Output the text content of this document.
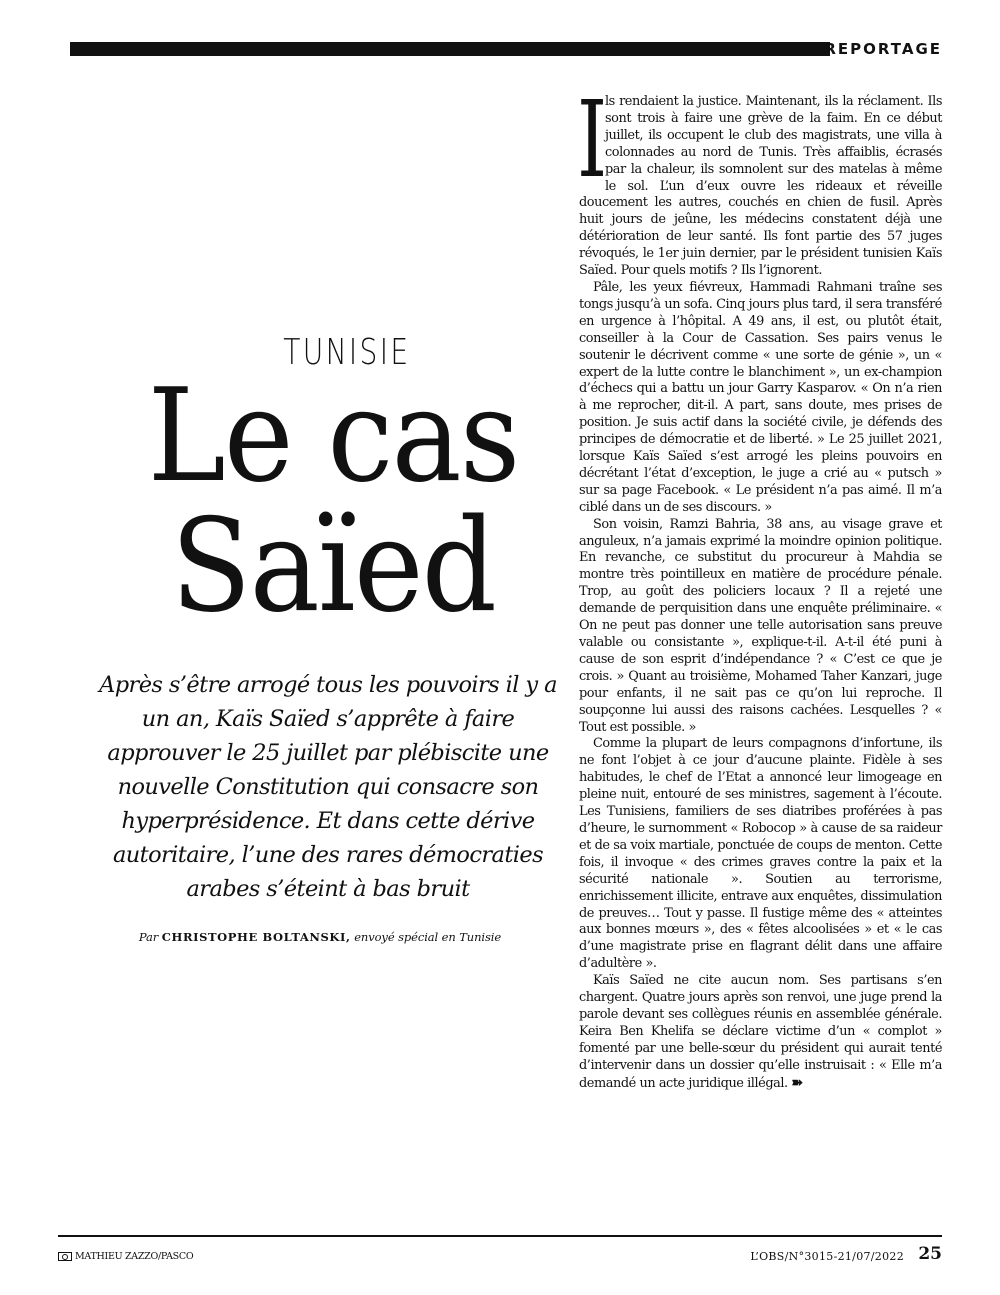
REPORTAGE
TUNISIE
Le cas
Saïed
Après s’être arrogé tous les pouvoirs il y a un an, Kaïs Saïed s’apprête à faire approuver le 25 juillet par plébiscite une nouvelle Constitution qui consacre son hyperprésidence. Et dans cette dérive autoritaire, l’une des rares démocraties arabes s’éteint à bas bruit
Par CHRISTOPHE BOLTANSKI, envoyé spécial en Tunisie

I
ls rendaient la justice. Maintenant, ils la réclament. Ils sont trois à faire une grève de la faim. En ce début juillet, ils occupent le club des magistrats, une villa à colonnades au nord de Tunis. Très affaiblis, écrasés par la chaleur, ils somnolent sur des matelas à même le sol. L’un d’eux ouvre les rideaux et réveille doucement les autres, couchés en chien de fusil. Après huit jours de jeûne, les médecins constatent déjà une détérioration de leur santé. Ils font partie des 57 juges révoqués, le 1er juin dernier, par le président tunisien Kaïs Saïed. Pour quels motifs ? Ils l’ignorent.

Pâle, les yeux fiévreux, Hammadi Rahmani traîne ses tongs jusqu’à un sofa. Cinq jours plus tard, il sera transféré en urgence à l’hôpital. A 49 ans, il est, ou plutôt était, conseiller à la Cour de Cassation. Ses pairs venus le soutenir le décrivent comme « une sorte de génie », un « expert de la lutte contre le blanchiment », un ex-champion d’échecs qui a battu un jour Garry Kasparov. « On n’a rien à me reprocher, dit-il. A part, sans doute, mes prises de position. Je suis actif dans la société civile, je défends des principes de démocratie et de liberté. » Le 25 juillet 2021, lorsque Kaïs Saïed s’est arrogé les pleins pouvoirs en décrétant l’état d’exception, le juge a crié au « putsch » sur sa page Facebook. « Le président n’a pas aimé. Il m’a ciblé dans un de ses discours. »

Son voisin, Ramzi Bahria, 38 ans, au visage grave et anguleux, n’a jamais exprimé la moindre opinion politique. En revanche, ce substitut du procureur à Mahdia se montre très pointilleux en matière de procédure pénale. Trop, au goût des policiers locaux ? Il a rejeté une demande de perquisition dans une enquête préliminaire. « On ne peut pas donner une telle autorisation sans preuve valable ou consistante », explique-t-il. A-t-il été puni à cause de son esprit d’indépendance ? « C’est ce que je crois. » Quant au troisième, Mohamed Taher Kanzari, juge pour enfants, il ne sait pas ce qu’on lui reproche. Il soupçonne lui aussi des raisons cachées. Lesquelles ? « Tout est possible. »

Comme la plupart de leurs compagnons d’infortune, ils ne font l’objet à ce jour d’aucune plainte. Fidèle à ses habitudes, le chef de l’Etat a annoncé leur limogeage en pleine nuit, entouré de ses ministres, sagement à l’écoute. Les Tunisiens, familiers de ses diatribes proférées à pas d’heure, le surnomment « Robocop » à cause de sa raideur et de sa voix martiale, ponctuée de coups de menton. Cette fois, il invoque « des crimes graves contre la paix et la sécurité nationale ». Soutien au terrorisme, enrichissement illicite, entrave aux enquêtes, dissimulation de preuves… Tout y passe. Il fustige même des « atteintes aux bonnes mœurs », des « fêtes alcoolisées » et « le cas d’une magistrate prise en flagrant délit dans une affaire d’adultère ».

Kaïs Saïed ne cite aucun nom. Ses partisans s’en chargent. Quatre jours après son renvoi, une juge prend la parole devant ses collègues réunis en assemblée générale. Keira Ben Khelifa se déclare victime d’un « complot » fomenté par une belle-sœur du président qui aurait tenté d’intervenir dans un dossier qu’elle instruisait : « Elle m’a demandé un acte juridique illégal. ➽

MATHIEU ZAZZO/PASCO	L’OBS/N°3015-21/07/2022 25
